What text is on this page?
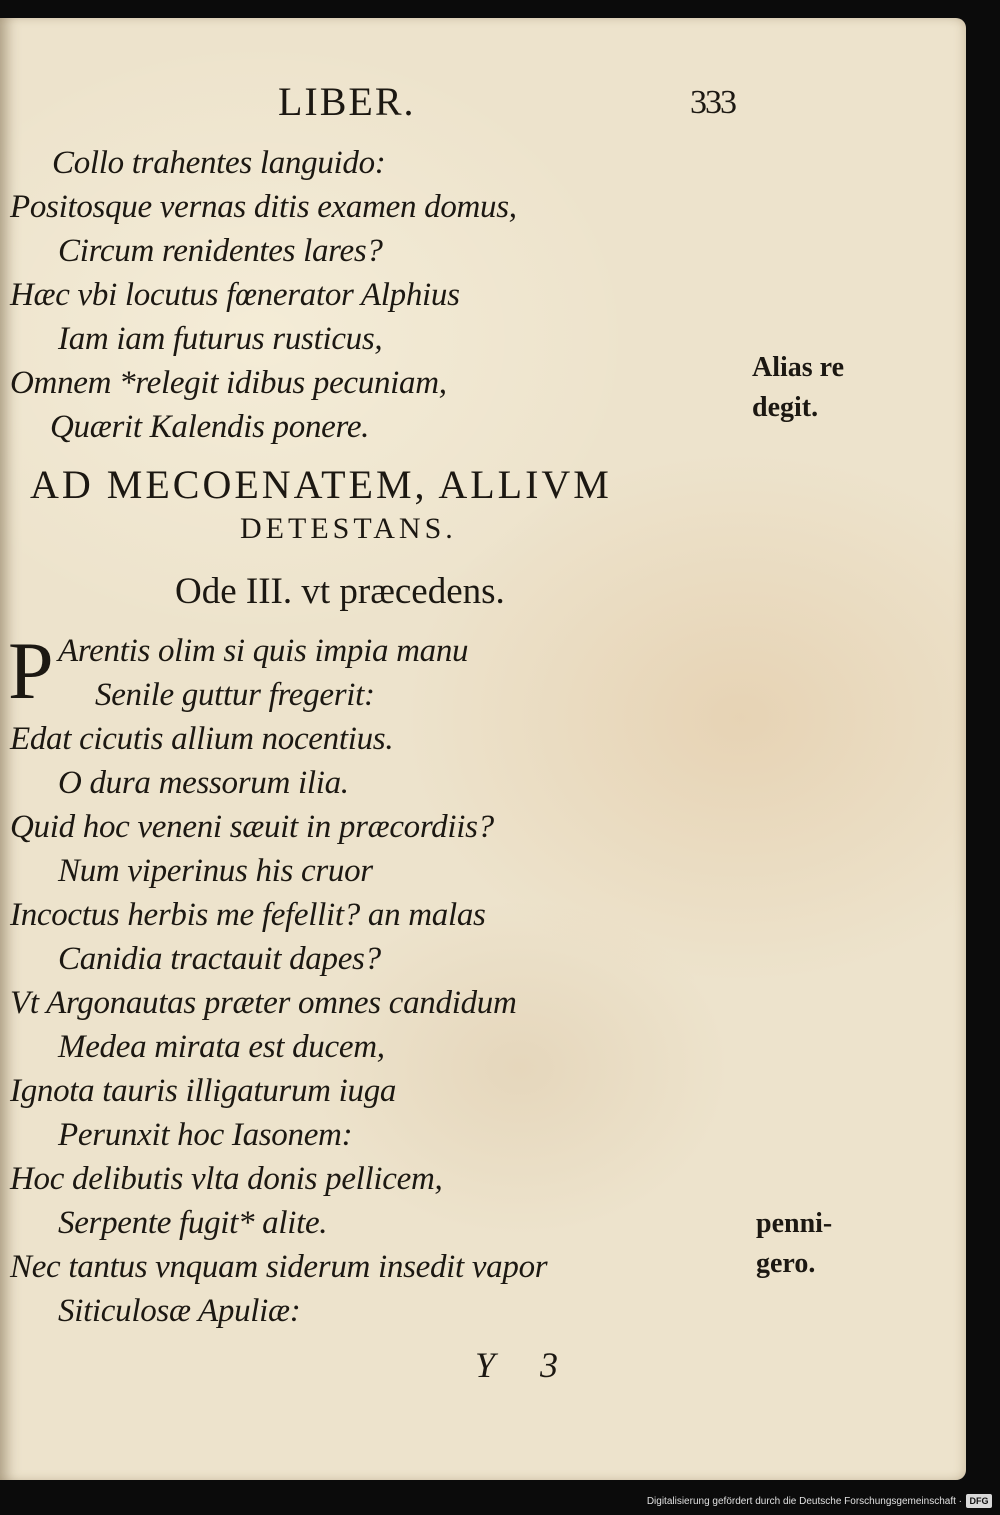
LIBER.	333
Collo trahentes languido:
Positosque vernas ditis examen domus,
Circum renidentes lares?
Hæc vbi locutus fœnerator Alphius
Iam iam futurus rusticus,
Omnem *relegit idibus pecuniam,
Quærit Kalendis ponere.
AD MECOENATEM, ALLIVM
DETESTANS.
Ode III. vt præcedens.
P Arentis olim si quis impia manu
Senile guttur fregerit:
Edat cicutis allium nocentius.
O dura messorum ilia.
Quid hoc veneni sæuit in præcordiis?
Num viperinus his cruor
Incoctus herbis me fefellit? an malas
Canidia tractauit dapes?
Vt Argonautas præter omnes candidum
Medea mirata est ducem,
Ignota tauris illigaturum iuga
Perunxit hoc Iasonem:
Hoc delibutis vlta donis pellicem,
Serpente fugit* alite.
Nec tantus vnquam siderum insedit vapor
Siticulosæ Apuliæ:
Alias re
degit.
penni-
gero.
Y 3
Digitalisierung gefördert durch die Deutsche Forschungsgemeinschaft · DFG
